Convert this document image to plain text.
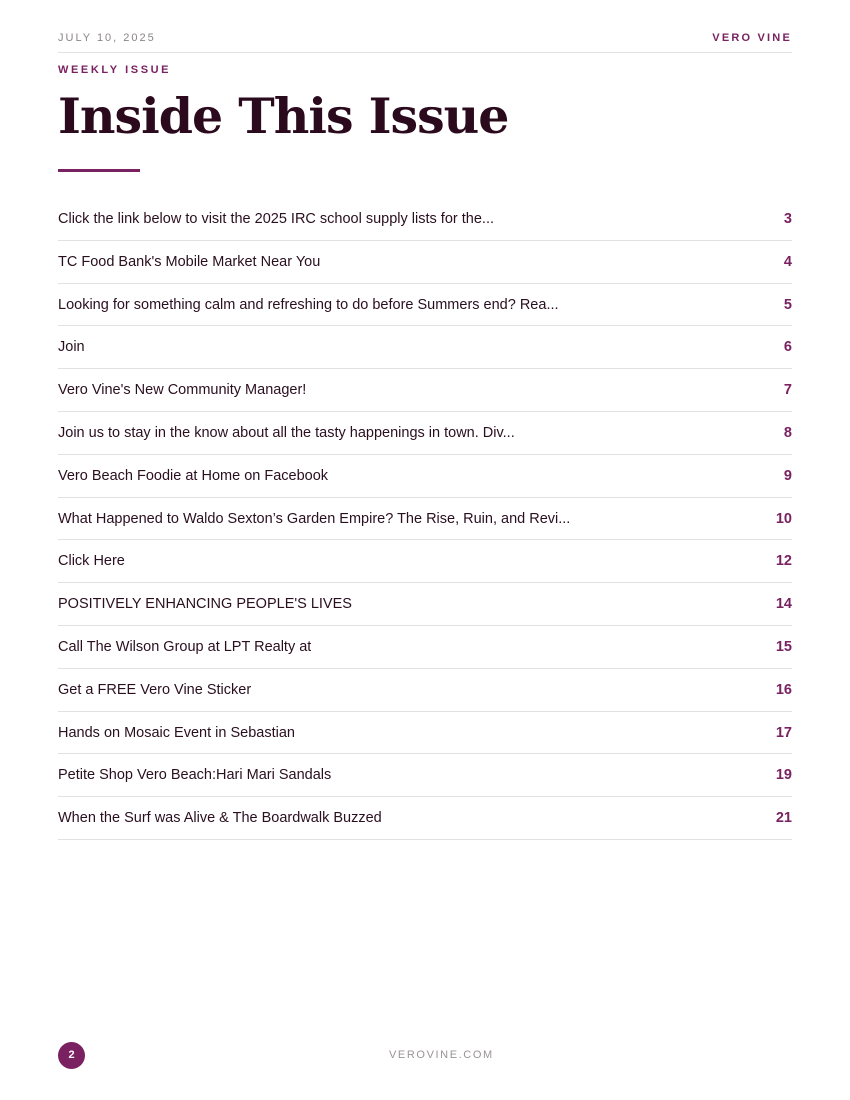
JULY 10, 2025	VERO VINE
WEEKLY ISSUE
Inside This Issue
Click the link below to visit the 2025 IRC school supply lists for the...	3
TC Food Bank's Mobile Market Near You	4
Looking for something calm and refreshing to do before Summers end? Rea...	5
Join	6
Vero Vine's New Community Manager!	7
Join us to stay in the know about all the tasty happenings in town. Div...	8
Vero Beach Foodie at Home on Facebook	9
What Happened to Waldo Sexton’s Garden Empire? The Rise, Ruin, and Revi...	10
Click Here	12
POSITIVELY ENHANCING PEOPLE'S LIVES	14
Call The Wilson Group at LPT Realty at	15
Get a FREE Vero Vine Sticker	16
Hands on Mosaic Event in Sebastian	17
Petite Shop Vero Beach:Hari Mari Sandals	19
When the Surf was Alive & The Boardwalk Buzzed	21
2	VEROVINE.COM
